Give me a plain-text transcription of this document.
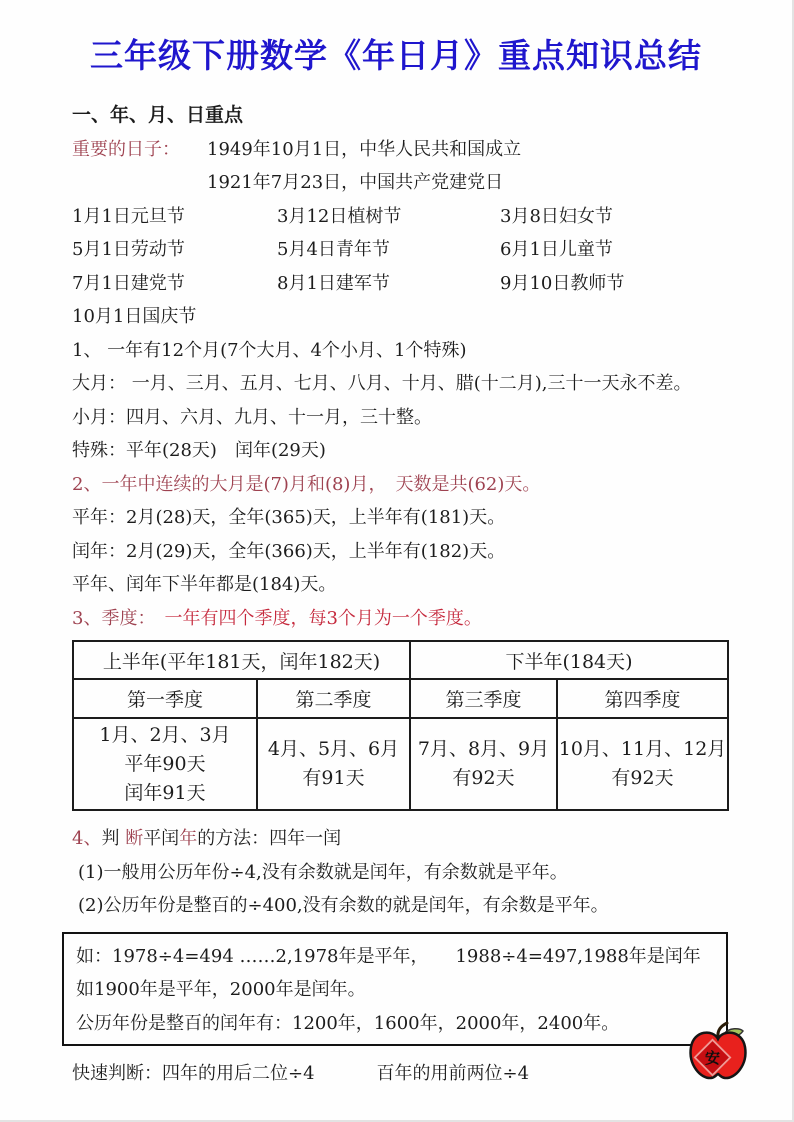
三年级下册数学《年日月》重点知识总结
一、年、月、日重点
重要的日子： 1949年10月1日，中华人民共和国成立
1921年7月23日，中国共产党建党日
1月1日元旦节	3月12日植树节	3月8日妇女节
5月1日劳动节	5月4日青年节	6月1日儿童节
7月1日建党节	8月1日建军节	9月10日教师节
10月1日国庆节
1、 一年有12个月(7个大月、4个小月、1个特殊)
大月： 一月、三月、五月、七月、八月、十月、腊(十二月),三十一天永不差。
小月：四月、六月、九月、十一月，三十整。
特殊：平年(28天)　闰年(29天)
2、一年中连续的大月是(7)月和(8)月，　天数是共(62)天。
平年：2月(28)天，全年(365)天，上半年有(181)天。
闰年：2月(29)天，全年(366)天，上半年有(182)天。
平年、闰年下半年都是(184)天。
3、季度：　一年有四个季度，每3个月为一个季度。
上半年(平年181天，闰年182天)		下半年(184天)	
第一季度	第二季度	第三季度	第四季度

1月、2月、3月
平年90天
闰年91天

4月、5月、6月
有91天

7月、8月、9月
有92天

10月、11月、12月
有92天
4、判 断平闰年的方法：四年一闰
(1)一般用公历年份÷4,没有余数就是闰年，有余数就是平年。
(2)公历年份是整百的÷400,没有余数的就是闰年，有余数是平年。
如：1978÷4=494 ……2,1978年是平年，　　1988÷4=497,1988年是闰年
如1900年是平年，2000年是闰年。
公历年份是整百的闰年有：1200年，1600年，2000年，2400年。
安
快速判断：四年的用后二位÷4	百年的用前两位÷4
